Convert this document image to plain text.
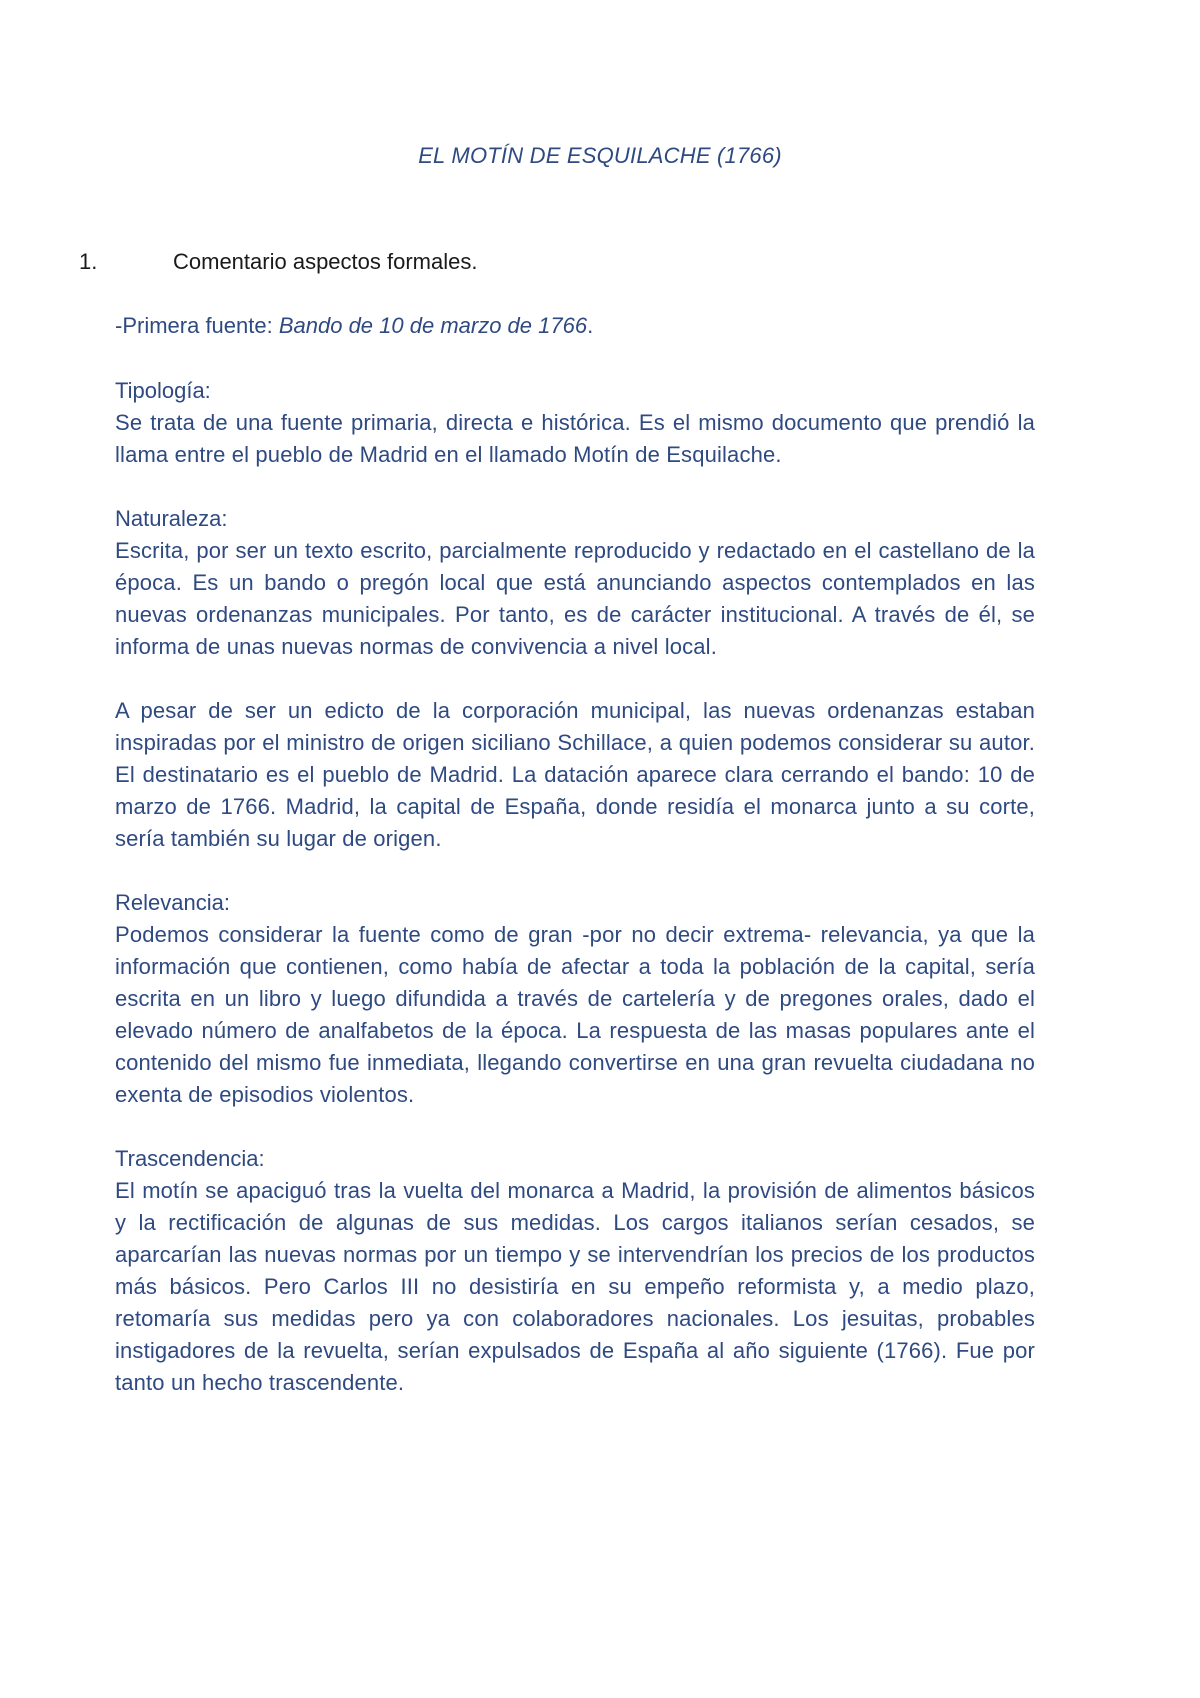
EL MOTÍN DE ESQUILACHE (1766)
1.	Comentario aspectos formales.
-Primera fuente: Bando de 10 de marzo de 1766.
Tipología:

Se trata de una fuente primaria, directa e histórica. Es el mismo documento que prendió la llama entre el pueblo de Madrid en el llamado Motín de Esquilache.

Naturaleza:

Escrita, por ser un texto escrito, parcialmente reproducido y redactado en el castellano de la época. Es un bando o pregón local que está anunciando aspectos contemplados en las nuevas ordenanzas municipales. Por tanto, es de carácter institucional. A través de él, se informa de unas nuevas normas de convivencia a nivel local.

A pesar de ser un edicto de la corporación municipal, las nuevas ordenanzas estaban inspiradas por el ministro de origen siciliano Schillace, a quien podemos considerar su autor. El destinatario es el pueblo de Madrid. La datación aparece clara cerrando el bando: 10 de marzo de 1766. Madrid, la capital de España, donde residía el monarca junto a su corte, sería también su lugar de origen.

Relevancia:

Podemos considerar la fuente como de gran -por no decir extrema- relevancia, ya que la información que contienen, como había de afectar a toda la población de la capital, sería escrita en un libro y luego difundida a través de cartelería y de pregones orales, dado el elevado número de analfabetos de la época. La respuesta de las masas populares ante el contenido del mismo fue inmediata, llegando convertirse en una gran revuelta ciudadana no exenta de episodios violentos.

Trascendencia:

El motín se apaciguó tras la vuelta del monarca a Madrid, la provisión de alimentos básicos y la rectificación de algunas de sus medidas. Los cargos italianos serían cesados, se aparcarían las nuevas normas por un tiempo y se intervendrían los precios de los productos más básicos. Pero Carlos III no desistiría en su empeño reformista y, a medio plazo, retomaría sus medidas pero ya con colaboradores nacionales. Los jesuitas, probables instigadores de la revuelta, serían expulsados de España al año siguiente (1766). Fue por tanto un hecho trascendente.
